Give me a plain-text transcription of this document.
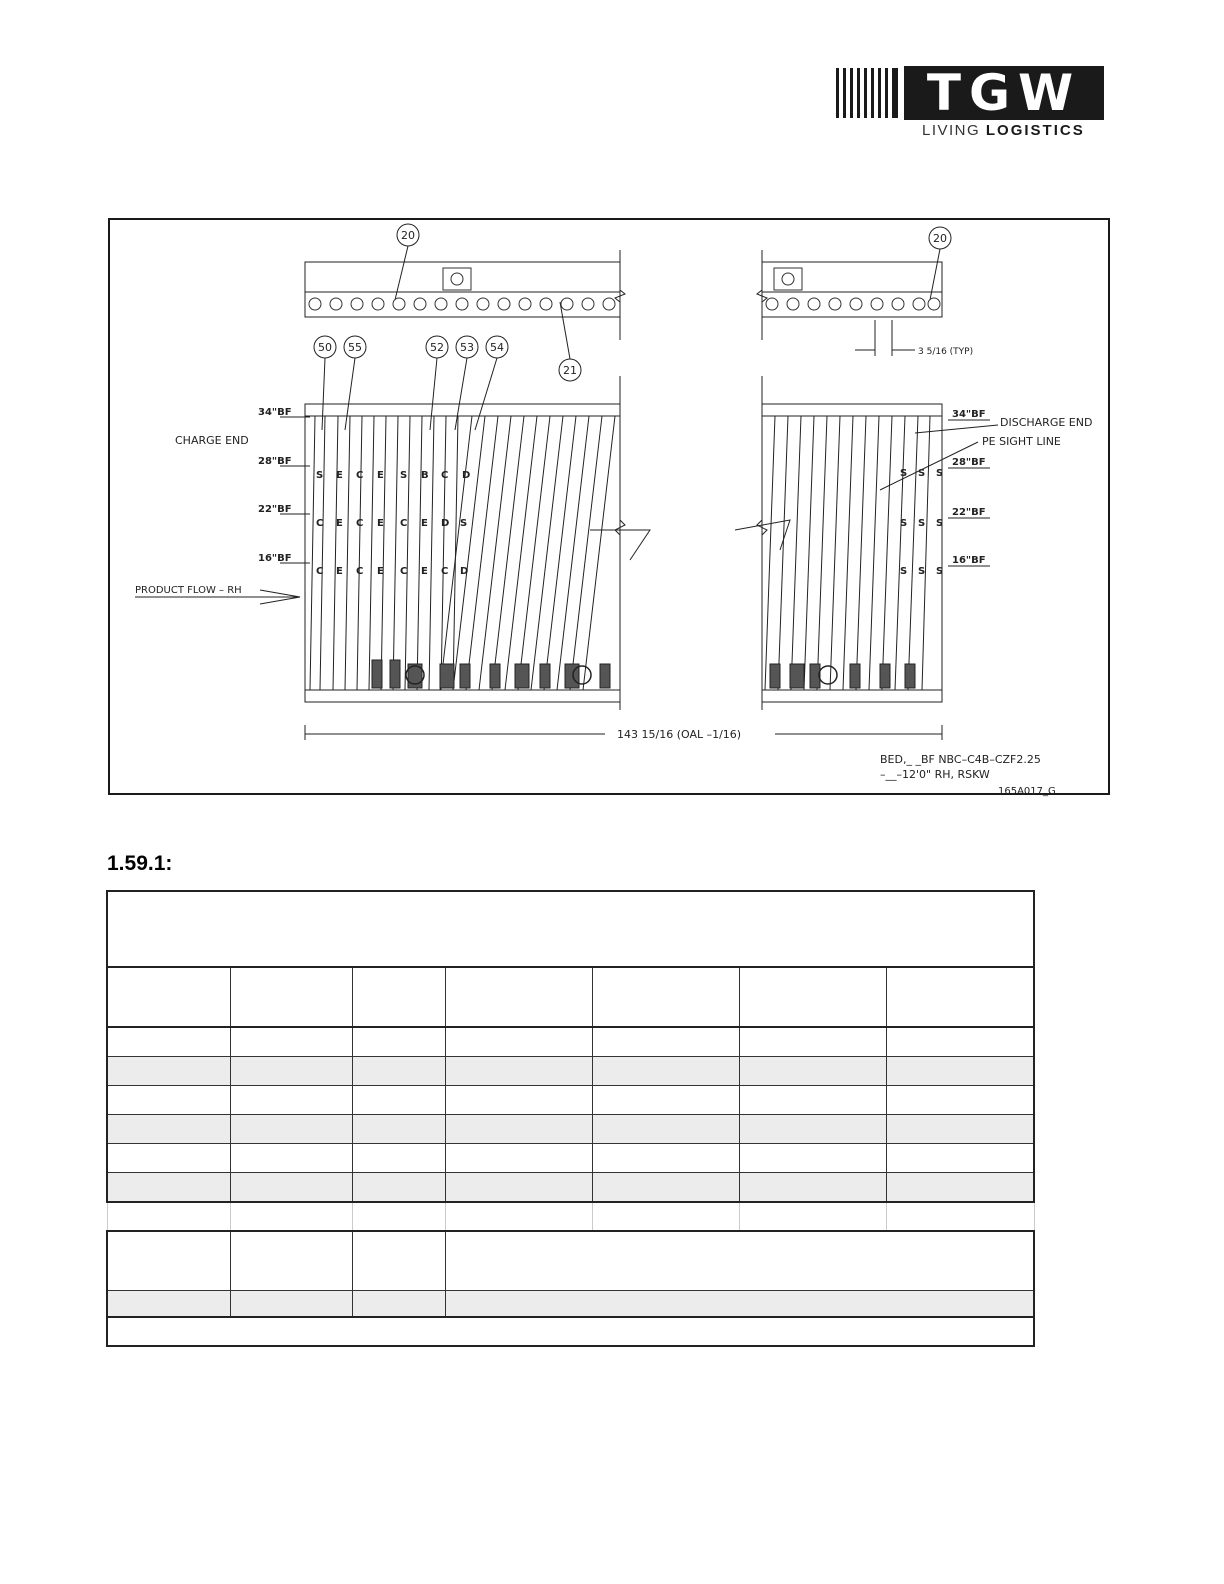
TGW
LIVING LOGISTICS
20	20
21
50 55	52 53 54
34"BF
28"BF
22"BF
16"BF
34"BF
28"BF
22"BF
16"BF
CHARGE END
DISCHARGE END
PE SIGHT LINE
PRODUCT FLOW – RH
3 5/16 (TYP)
143 15/16 (OAL –1/16)
BED,_ _BF NBC–C4B–CZF2.25
–__–12'0" RH, RSKW
165A017_G
S E C E S B C D
C E C E C E D S
C E C E C E C D
S S S
S S S
S S S
1.59.1:
